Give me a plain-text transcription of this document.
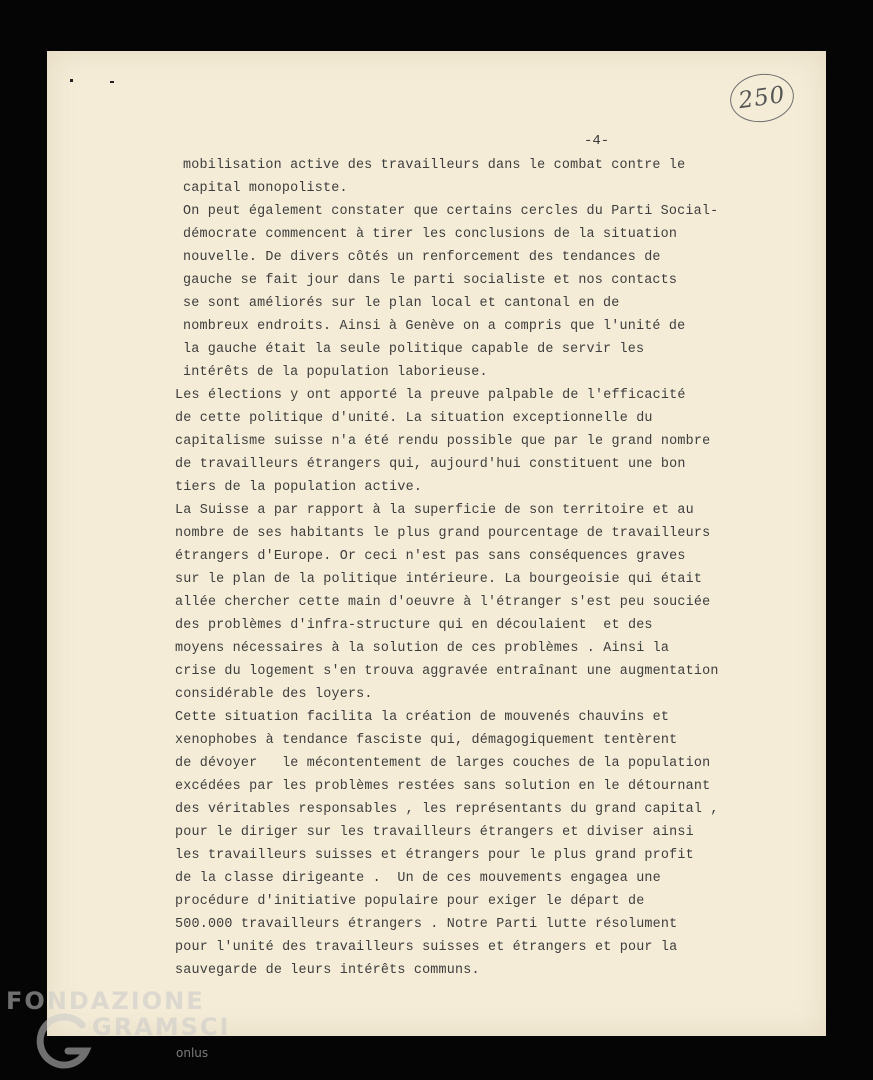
250
-4-
mobilisation active des travailleurs dans le combat contre le
capital monopoliste.
On peut également constater que certains cercles du Parti Social-
démocrate commencent à tirer les conclusions de la situation
nouvelle. De divers côtés un renforcement des tendances de
gauche se fait jour dans le parti socialiste et nos contacts
se sont améliorés sur le plan local et cantonal en de
nombreux endroits. Ainsi à Genève on a compris que l'unité de
la gauche était la seule politique capable de servir les
intérêts de la population laborieuse.
Les élections y ont apporté la preuve palpable de l'efficacité
de cette politique d'unité. La situation exceptionnelle du
capitalisme suisse n'a été rendu possible que par le grand nombre
de travailleurs étrangers qui, aujourd'hui constituent une bon
tiers de la population active.
La Suisse a par rapport à la superficie de son territoire et au
nombre de ses habitants le plus grand pourcentage de travailleurs
étrangers d'Europe. Or ceci n'est pas sans conséquences graves
sur le plan de la politique intérieure. La bourgeoisie qui était
allée chercher cette main d'oeuvre à l'étranger s'est peu souciée
des problèmes d'infra-structure qui en découlaient  et des
moyens nécessaires à la solution de ces problèmes . Ainsi la
crise du logement s'en trouva aggravée entraînant une augmentation
considérable des loyers.
Cette situation facilita la création de mouvenés chauvins et
xenophobes à tendance fasciste qui, démagogiquement tentèrent
de dévoyer   le mécontentement de larges couches de la population
excédées par les problèmes restées sans solution en le détournant
des véritables responsables , les représentants du grand capital ,
pour le diriger sur les travailleurs étrangers et diviser ainsi
les travailleurs suisses et étrangers pour le plus grand profit
de la classe dirigeante .  Un de ces mouvements engagea une
procédure d'initiative populaire pour exiger le départ de
500.000 travailleurs étrangers . Notre Parti lutte résolument
pour l'unité des travailleurs suisses et étrangers et pour la
sauvegarde de leurs intérêts communs.
FONDAZIONE
GRAMSCI
onlus
